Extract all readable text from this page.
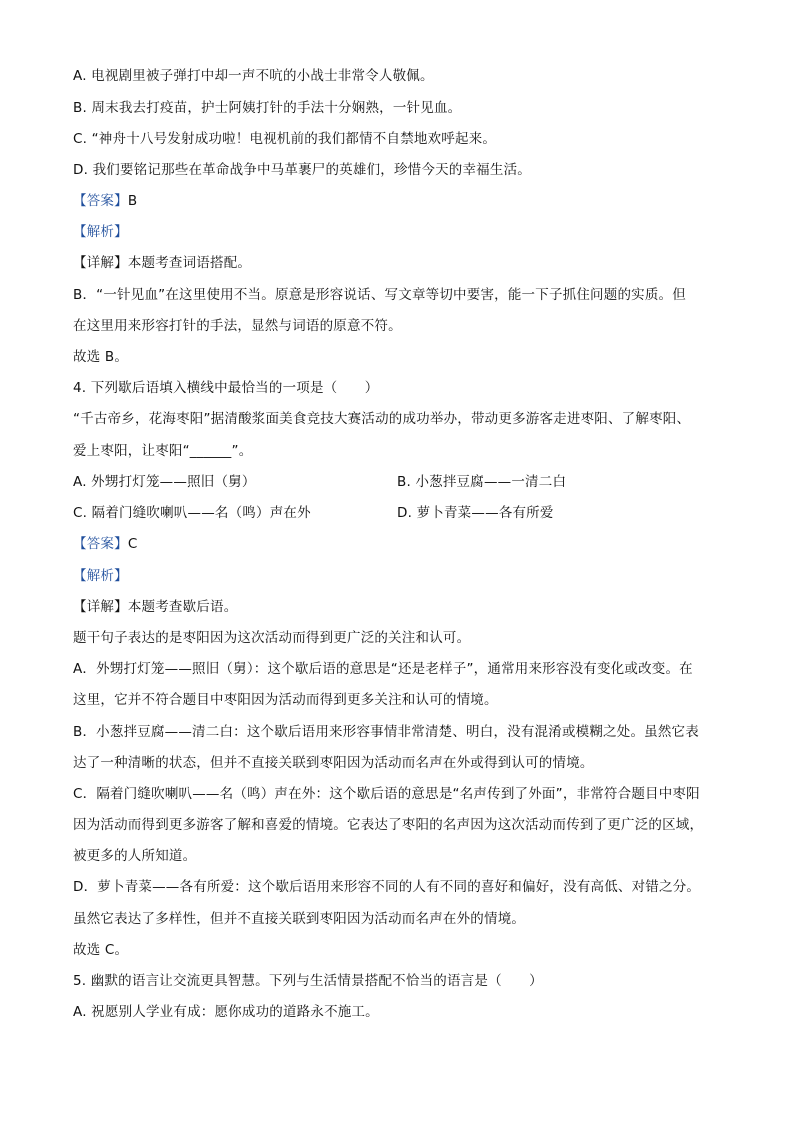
A. 电视剧里被子弹打中却一声不吭的小战士非常令人敬佩。
B. 周末我去打疫苗，护士阿姨打针的手法十分娴熟，一针见血。
C. “神舟十八号发射成功啦！电视机前的我们都情不自禁地欢呼起来。
D. 我们要铭记那些在革命战争中马革裹尸的英雄们，珍惜今天的幸福生活。
【答案】B
【解析】
【详解】本题考查词语搭配。
B．“一针见血”在这里使用不当。原意是形容说话、写文章等切中要害，能一下子抓住问题的实质。但
在这里用来形容打针的手法，显然与词语的原意不符。
故选 B。
4. 下列歇后语填入横线中最恰当的一项是（　　）
“千古帝乡，花海枣阳”据清酸浆面美食竞技大赛活动的成功举办，带动更多游客走进枣阳、了解枣阳、
爱上枣阳，让枣阳“______”。
A. 外甥打灯笼——照旧（舅）	B. 小葱拌豆腐——一清二白
C. 隔着门缝吹喇叭——名（鸣）声在外	D. 萝卜青菜——各有所爱
【答案】C
【解析】
【详解】本题考查歇后语。
题干句子表达的是枣阳因为这次活动而得到更广泛的关注和认可。
A．外甥打灯笼——照旧（舅）：这个歇后语的意思是“还是老样子”，通常用来形容没有变化或改变。在
这里，它并不符合题目中枣阳因为活动而得到更多关注和认可的情境。
B．小葱拌豆腐——清二白：这个歇后语用来形容事情非常清楚、明白，没有混淆或模糊之处。虽然它表
达了一种清晰的状态，但并不直接关联到枣阳因为活动而名声在外或得到认可的情境。
C．隔着门缝吹喇叭——名（鸣）声在外：这个歇后语的意思是“名声传到了外面”，非常符合题目中枣阳
因为活动而得到更多游客了解和喜爱的情境。它表达了枣阳的名声因为这次活动而传到了更广泛的区域，
被更多的人所知道。
D．萝卜青菜——各有所爱：这个歇后语用来形容不同的人有不同的喜好和偏好，没有高低、对错之分。
虽然它表达了多样性，但并不直接关联到枣阳因为活动而名声在外的情境。
故选 C。
5. 幽默的语言让交流更具智慧。下列与生活情景搭配不恰当的语言是（　　）
A. 祝愿别人学业有成：愿你成功的道路永不施工。
